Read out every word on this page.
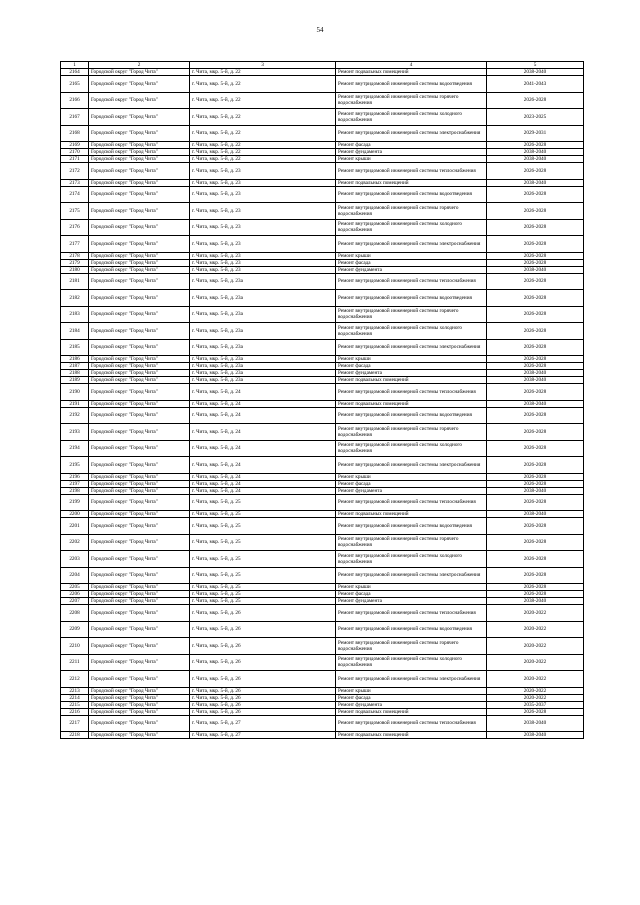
54
1	2	3	4	5
2164	Городской округ "Город Чита"	г. Чита, мкр. 5-й, д. 22	Ремонт подвальных помещений	2038-2040
2165	Городской округ "Город Чита"	г. Чита, мкр. 5-й, д. 22	Ремонт внутридомовой инженерной системы водоотведения	2041-2043
2166	Городской округ "Город Чита"	г. Чита, мкр. 5-й, д. 22	Ремонт внутридомовой инженерной системы горячего водоснабжения	2026-2028
2167	Городской округ "Город Чита"	г. Чита, мкр. 5-й, д. 22	Ремонт внутридомовой инженерной системы холодного водоснабжения	2023-2025
2168	Городской округ "Город Чита"	г. Чита, мкр. 5-й, д. 22	Ремонт внутридомовой инженерной системы электроснабжения	2029-2031
2169	Городской округ "Город Чита"	г. Чита, мкр. 5-й, д. 22	Ремонт фасада	2026-2028
2170	Городской округ "Город Чита"	г. Чита, мкр. 5-й, д. 22	Ремонт фундамента	2038-2040
2171	Городской округ "Город Чита"	г. Чита, мкр. 5-й, д. 22	Ремонт крыши	2038-2040
2172	Городской округ "Город Чита"	г. Чита, мкр. 5-й, д. 23	Ремонт внутридомовой инженерной системы теплоснабжения	2026-2028
2173	Городской округ "Город Чита"	г. Чита, мкр. 5-й, д. 23	Ремонт подвальных помещений	2038-2040
2174	Городской округ "Город Чита"	г. Чита, мкр. 5-й, д. 23	Ремонт внутридомовой инженерной системы водоотведения	2026-2028
2175	Городской округ "Город Чита"	г. Чита, мкр. 5-й, д. 23	Ремонт внутридомовой инженерной системы горячего водоснабжения	2026-2028
2176	Городской округ "Город Чита"	г. Чита, мкр. 5-й, д. 23	Ремонт внутридомовой инженерной системы холодного водоснабжения	2026-2028
2177	Городской округ "Город Чита"	г. Чита, мкр. 5-й, д. 23	Ремонт внутридомовой инженерной системы электроснабжения	2026-2028
2178	Городской округ "Город Чита"	г. Чита, мкр. 5-й, д. 23	Ремонт крыши	2026-2028
2179	Городской округ "Город Чита"	г. Чита, мкр. 5-й, д. 23	Ремонт фасада	2026-2028
2180	Городской округ "Город Чита"	г. Чита, мкр. 5-й, д. 23	Ремонт фундамента	2038-2040
2181	Городской округ "Город Чита"	г. Чита, мкр. 5-й, д. 23а	Ремонт внутридомовой инженерной системы теплоснабжения	2026-2028
2182	Городской округ "Город Чита"	г. Чита, мкр. 5-й, д. 23а	Ремонт внутридомовой инженерной системы водоотведения	2026-2028
2183	Городской округ "Город Чита"	г. Чита, мкр. 5-й, д. 23а	Ремонт внутридомовой инженерной системы горячего водоснабжения	2026-2028
2184	Городской округ "Город Чита"	г. Чита, мкр. 5-й, д. 23а	Ремонт внутридомовой инженерной системы холодного водоснабжения	2026-2028
2185	Городской округ "Город Чита"	г. Чита, мкр. 5-й, д. 23а	Ремонт внутридомовой инженерной системы электроснабжения	2026-2028
2186	Городской округ "Город Чита"	г. Чита, мкр. 5-й, д. 23а	Ремонт крыши	2026-2028
2187	Городской округ "Город Чита"	г. Чита, мкр. 5-й, д. 23а	Ремонт фасада	2026-2028
2188	Городской округ "Город Чита"	г. Чита, мкр. 5-й, д. 23а	Ремонт фундамента	2038-2040
2189	Городской округ "Город Чита"	г. Чита, мкр. 5-й, д. 23а	Ремонт подвальных помещений	2038-2040
2190	Городской округ "Город Чита"	г. Чита, мкр. 5-й, д. 24	Ремонт внутридомовой инженерной системы теплоснабжения	2026-2028
2191	Городской округ "Город Чита"	г. Чита, мкр. 5-й, д. 24	Ремонт подвальных помещений	2038-2040
2192	Городской округ "Город Чита"	г. Чита, мкр. 5-й, д. 24	Ремонт внутридомовой инженерной системы водоотведения	2026-2028
2193	Городской округ "Город Чита"	г. Чита, мкр. 5-й, д. 24	Ремонт внутридомовой инженерной системы горячего водоснабжения	2026-2028
2194	Городской округ "Город Чита"	г. Чита, мкр. 5-й, д. 24	Ремонт внутридомовой инженерной системы холодного водоснабжения	2026-2028
2195	Городской округ "Город Чита"	г. Чита, мкр. 5-й, д. 24	Ремонт внутридомовой инженерной системы электроснабжения	2026-2028
2196	Городской округ "Город Чита"	г. Чита, мкр. 5-й, д. 24	Ремонт крыши	2026-2028
2197	Городской округ "Город Чита"	г. Чита, мкр. 5-й, д. 24	Ремонт фасада	2026-2028
2198	Городской округ "Город Чита"	г. Чита, мкр. 5-й, д. 24	Ремонт фундамента	2038-2040
2199	Городской округ "Город Чита"	г. Чита, мкр. 5-й, д. 25	Ремонт внутридомовой инженерной системы теплоснабжения	2026-2028
2200	Городской округ "Город Чита"	г. Чита, мкр. 5-й, д. 25	Ремонт подвальных помещений	2038-2040
2201	Городской округ "Город Чита"	г. Чита, мкр. 5-й, д. 25	Ремонт внутридомовой инженерной системы водоотведения	2026-2028
2202	Городской округ "Город Чита"	г. Чита, мкр. 5-й, д. 25	Ремонт внутридомовой инженерной системы горячего водоснабжения	2026-2028
2203	Городской округ "Город Чита"	г. Чита, мкр. 5-й, д. 25	Ремонт внутридомовой инженерной системы холодного водоснабжения	2026-2028
2204	Городской округ "Город Чита"	г. Чита, мкр. 5-й, д. 25	Ремонт внутридомовой инженерной системы электроснабжения	2026-2028
2205	Городской округ "Город Чита"	г. Чита, мкр. 5-й, д. 25	Ремонт крыши	2026-2028
2206	Городской округ "Город Чита"	г. Чита, мкр. 5-й, д. 25	Ремонт фасада	2026-2028
2207	Городской округ "Город Чита"	г. Чита, мкр. 5-й, д. 25	Ремонт фундамента	2038-2040
2208	Городской округ "Город Чита"	г. Чита, мкр. 5-й, д. 26	Ремонт внутридомовой инженерной системы теплоснабжения	2020-2022
2209	Городской округ "Город Чита"	г. Чита, мкр. 5-й, д. 26	Ремонт внутридомовой инженерной системы водоотведения	2020-2022
2210	Городской округ "Город Чита"	г. Чита, мкр. 5-й, д. 26	Ремонт внутридомовой инженерной системы горячего водоснабжения	2020-2022
2211	Городской округ "Город Чита"	г. Чита, мкр. 5-й, д. 26	Ремонт внутридомовой инженерной системы холодного водоснабжения	2020-2022
2212	Городской округ "Город Чита"	г. Чита, мкр. 5-й, д. 26	Ремонт внутридомовой инженерной системы электроснабжения	2020-2022
2213	Городской округ "Город Чита"	г. Чита, мкр. 5-й, д. 26	Ремонт крыши	2020-2022
2214	Городской округ "Город Чита"	г. Чита, мкр. 5-й, д. 26	Ремонт фасада	2020-2022
2215	Городской округ "Город Чита"	г. Чита, мкр. 5-й, д. 26	Ремонт фундамента	2035-2037
2216	Городской округ "Город Чита"	г. Чита, мкр. 5-й, д. 26	Ремонт подвальных помещений	2026-2028
2217	Городской округ "Город Чита"	г. Чита, мкр. 5-й, д. 27	Ремонт внутридомовой инженерной системы теплоснабжения	2038-2040
2218	Городской округ "Город Чита"	г. Чита, мкр. 5-й, д. 27	Ремонт подвальных помещений	2038-2040
